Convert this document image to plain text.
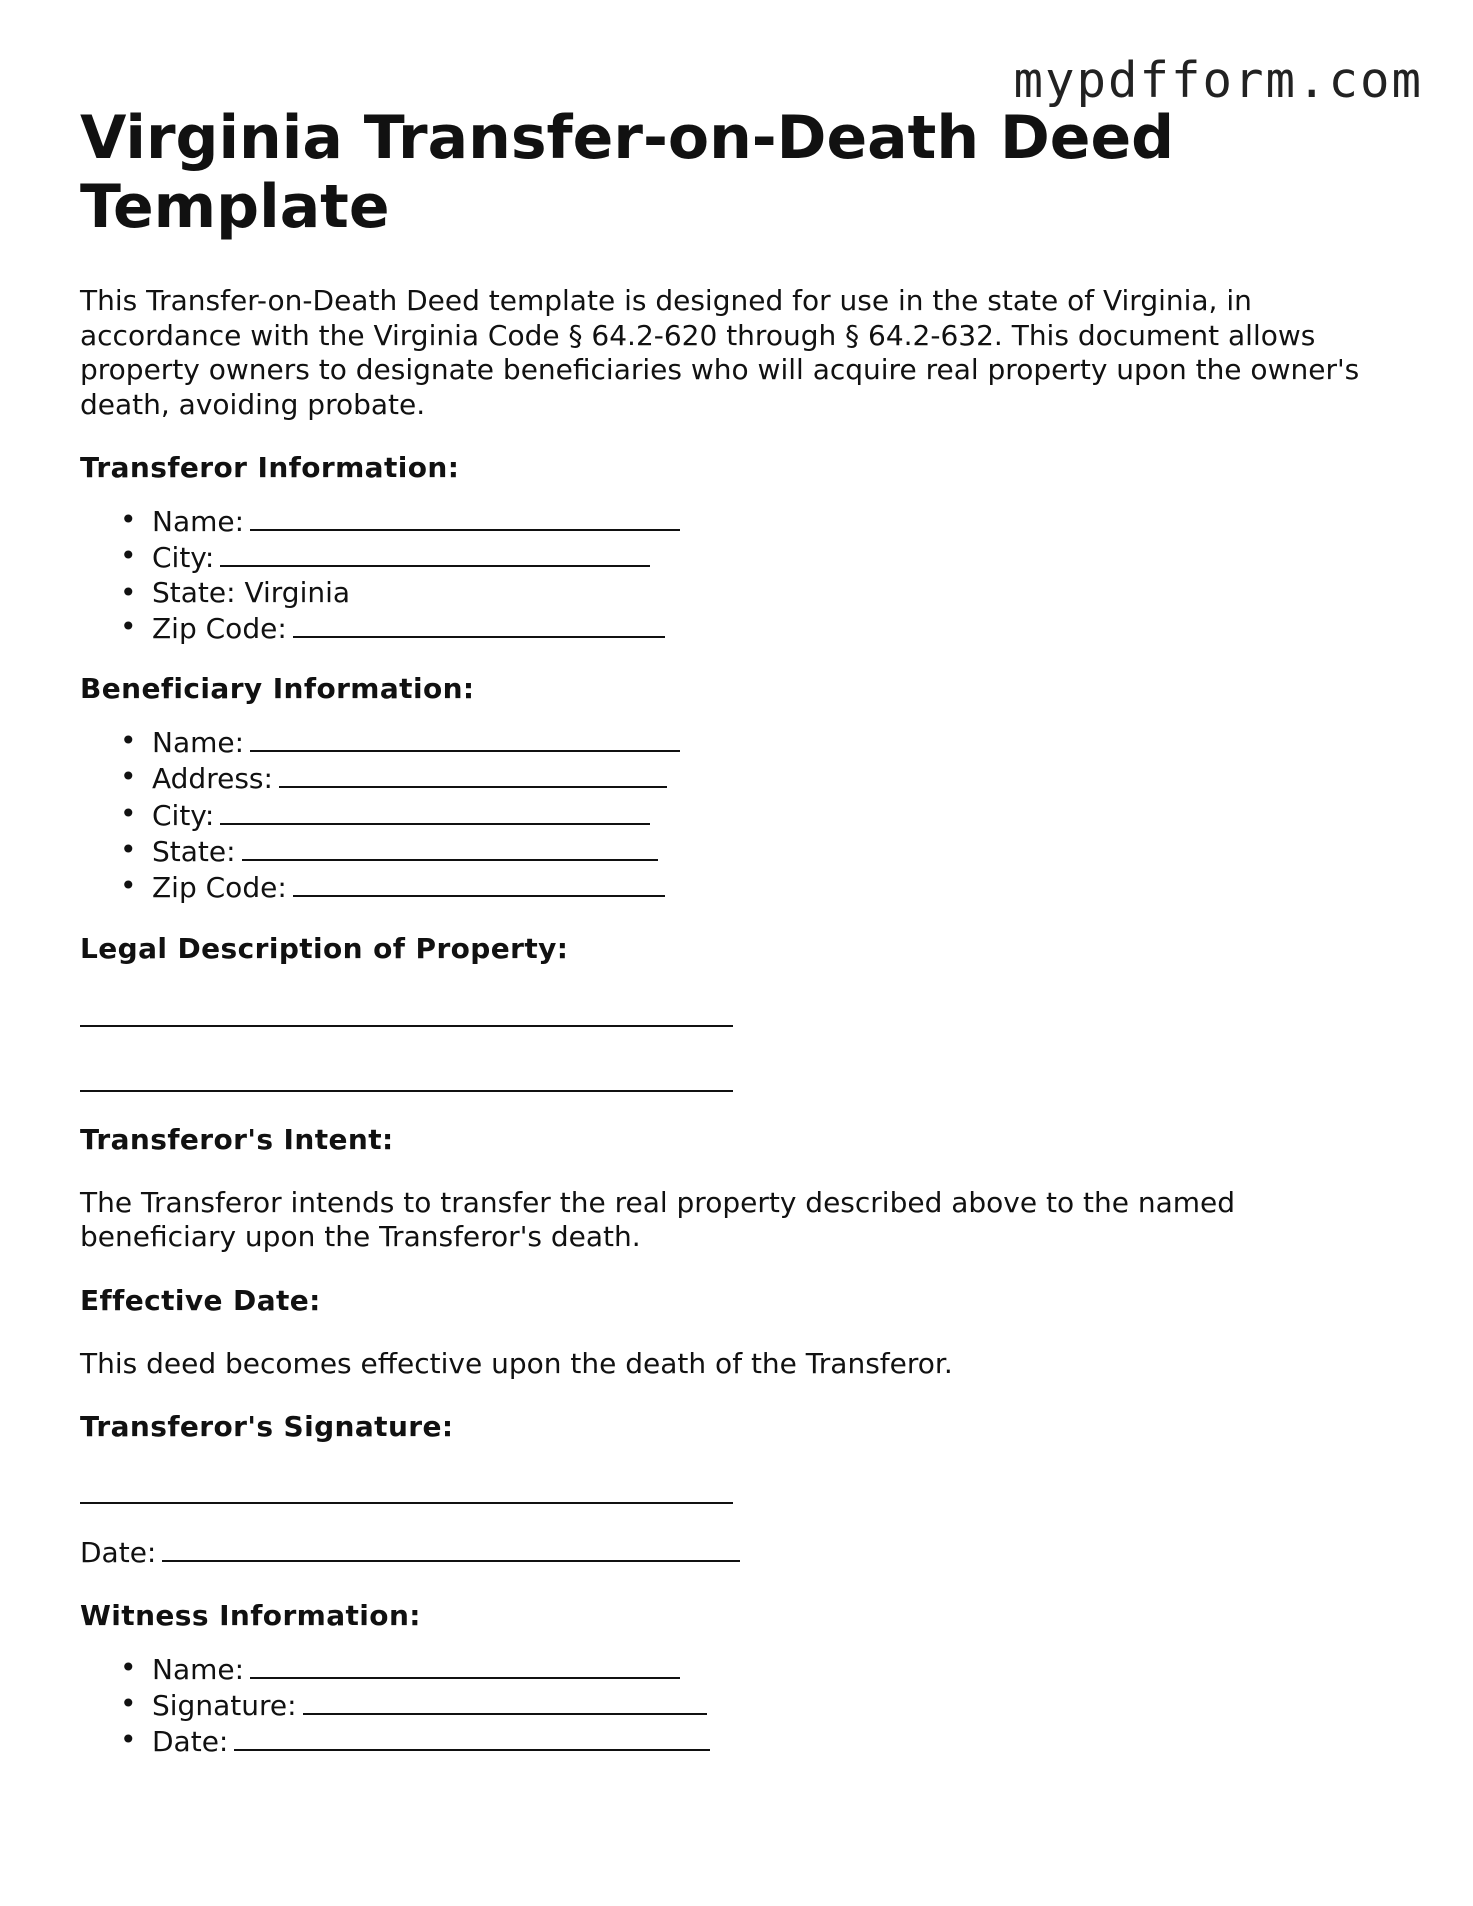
mypdfform.com
Virginia Transfer-on-Death Deed Template

This Transfer-on-Death Deed template is designed for use in the state of Virginia, in accordance with the Virginia Code § 64.2-620 through § 64.2-632. This document allows property owners to designate beneficiaries who will acquire real property upon the owner's death, avoiding probate.

Transferor Information:
• Name:
• City:
• State: Virginia
• Zip Code:
Beneficiary Information:
• Name:
• Address:
• City:
• State:
• Zip Code:
Legal Description of Property:
Transferor's Intent:

The Transferor intends to transfer the real property described above to the named beneficiary upon the Transferor's death.

Effective Date:

This deed becomes effective upon the death of the Transferor.

Transferor's Signature:

Date:

Witness Information:
• Name:
• Signature:
• Date:
